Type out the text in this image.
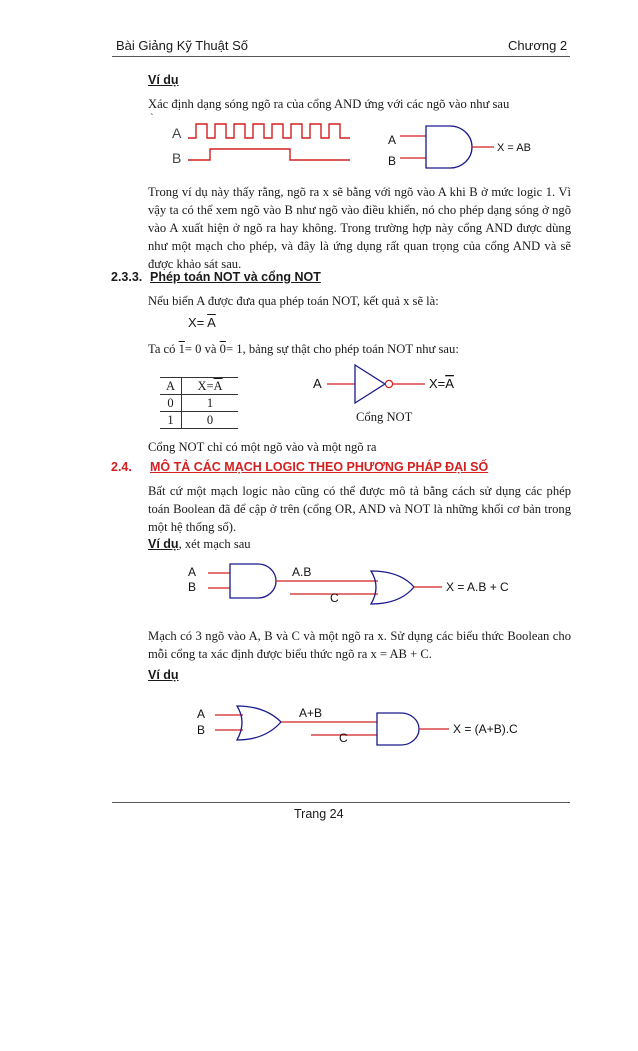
Bài Giảng Kỹ Thuật Số	Chương 2
Ví dụ
Xác định dạng sóng ngõ ra của cổng AND ứng với các ngõ vào như sau
`
A
B
A
B
X = AB
Trong ví dụ này thấy rằng, ngõ ra x sẽ bằng với ngõ vào A khi B ở mức logic 1. Vì vậy ta có thể xem ngõ vào B như ngõ vào điều khiển, nó cho phép dạng sóng ở ngõ vào A xuất hiện ở ngõ ra hay không. Trong trường hợp này cổng AND được dùng như một mạch cho phép, và đây là ứng dụng rất quan trọng của cổng AND và sẽ được khảo sát sau.
2.3.3. Phép toán NOT và cổng NOT
Nếu biến A được đưa qua phép toán NOT, kết quả x sẽ là:
$X= \overline{A}$
Ta có 1= 0 và 0= 1, bảng sự thật cho phép toán NOT như sau:
A	$X=\overline{A}$
0	1
1	0
A	X=A
Cổng NOT
Cổng NOT chỉ có một ngõ vào và một ngõ ra
2.4. MÔ TẢ CÁC MẠCH LOGIC THEO PHƯƠNG PHÁP ĐẠI SỐ
Bất cứ một mạch logic nào cũng có thể được mô tả bằng cách sử dụng các phép toán Boolean đã để cập ở trên (cổng OR, AND và NOT là những khối cơ bản trong một hệ thống số).
Ví dụ, xét mạch sau
A
B
A.B
C
X = A.B + C
Mạch có 3 ngõ vào A, B và C và một ngõ ra x. Sử dụng các biểu thức Boolean cho mỗi cổng ta xác định được biểu thức ngõ ra x = AB + C.
Ví dụ
A
B
A+B
C
X = (A+B).C
Trang 24
